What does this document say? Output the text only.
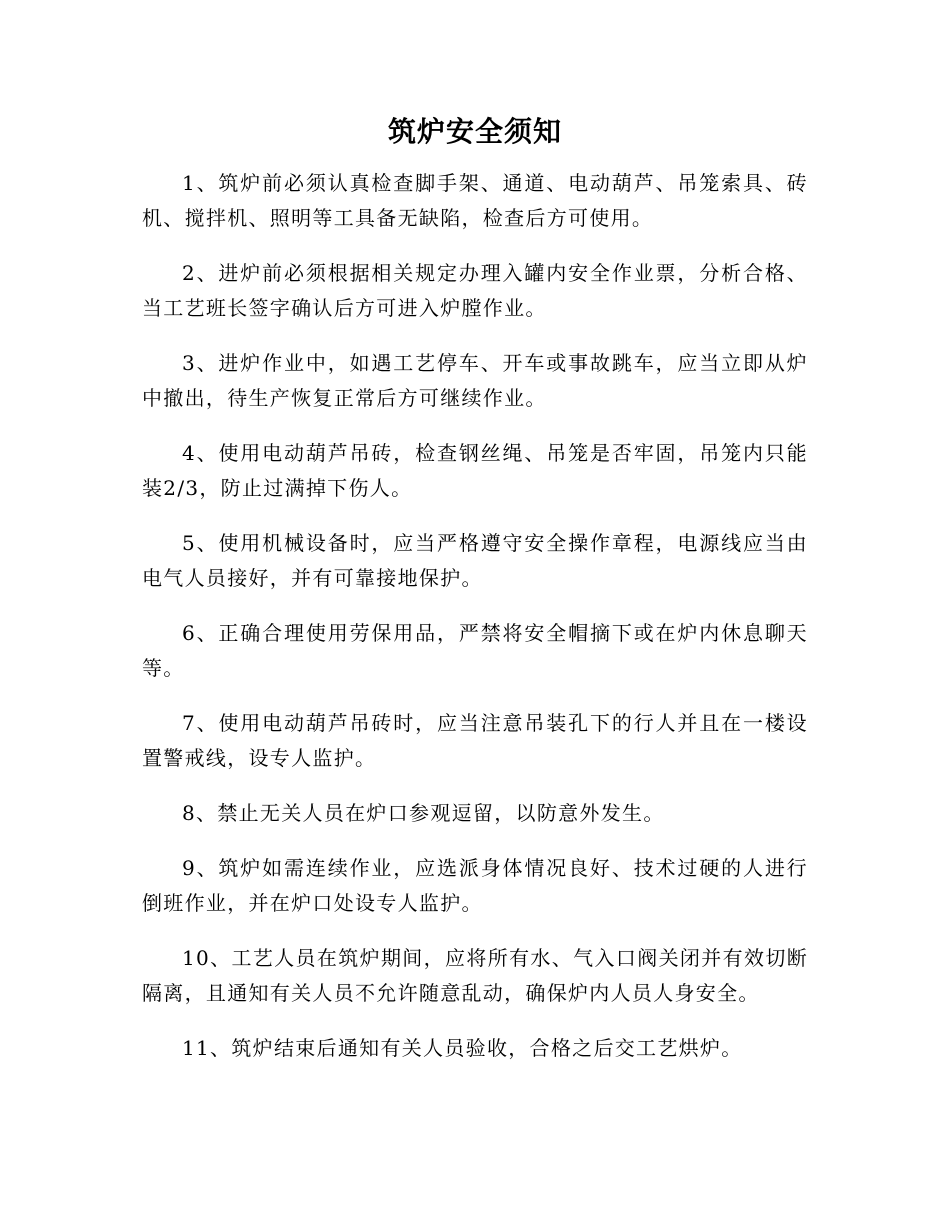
筑炉安全须知
1、筑炉前必须认真检查脚手架、通道、电动葫芦、吊笼索具、砖机、搅拌机、照明等工具备无缺陷，检查后方可使用。
2、进炉前必须根据相关规定办理入罐内安全作业票，分析合格、当工艺班长签字确认后方可进入炉膛作业。
3、进炉作业中，如遇工艺停车、开车或事故跳车，应当立即从炉中撤出，待生产恢复正常后方可继续作业。
4、使用电动葫芦吊砖，检查钢丝绳、吊笼是否牢固，吊笼内只能装2/3，防止过满掉下伤人。
5、使用机械设备时，应当严格遵守安全操作章程，电源线应当由电气人员接好，并有可靠接地保护。
6、正确合理使用劳保用品，严禁将安全帽摘下或在炉内休息聊天等。
7、使用电动葫芦吊砖时，应当注意吊装孔下的行人并且在一楼设置警戒线，设专人监护。
8、禁止无关人员在炉口参观逗留，以防意外发生。
9、筑炉如需连续作业，应选派身体情况良好、技术过硬的人进行倒班作业，并在炉口处设专人监护。
10、工艺人员在筑炉期间，应将所有水、气入口阀关闭并有效切断隔离，且通知有关人员不允许随意乱动，确保炉内人员人身安全。
11、筑炉结束后通知有关人员验收，合格之后交工艺烘炉。
